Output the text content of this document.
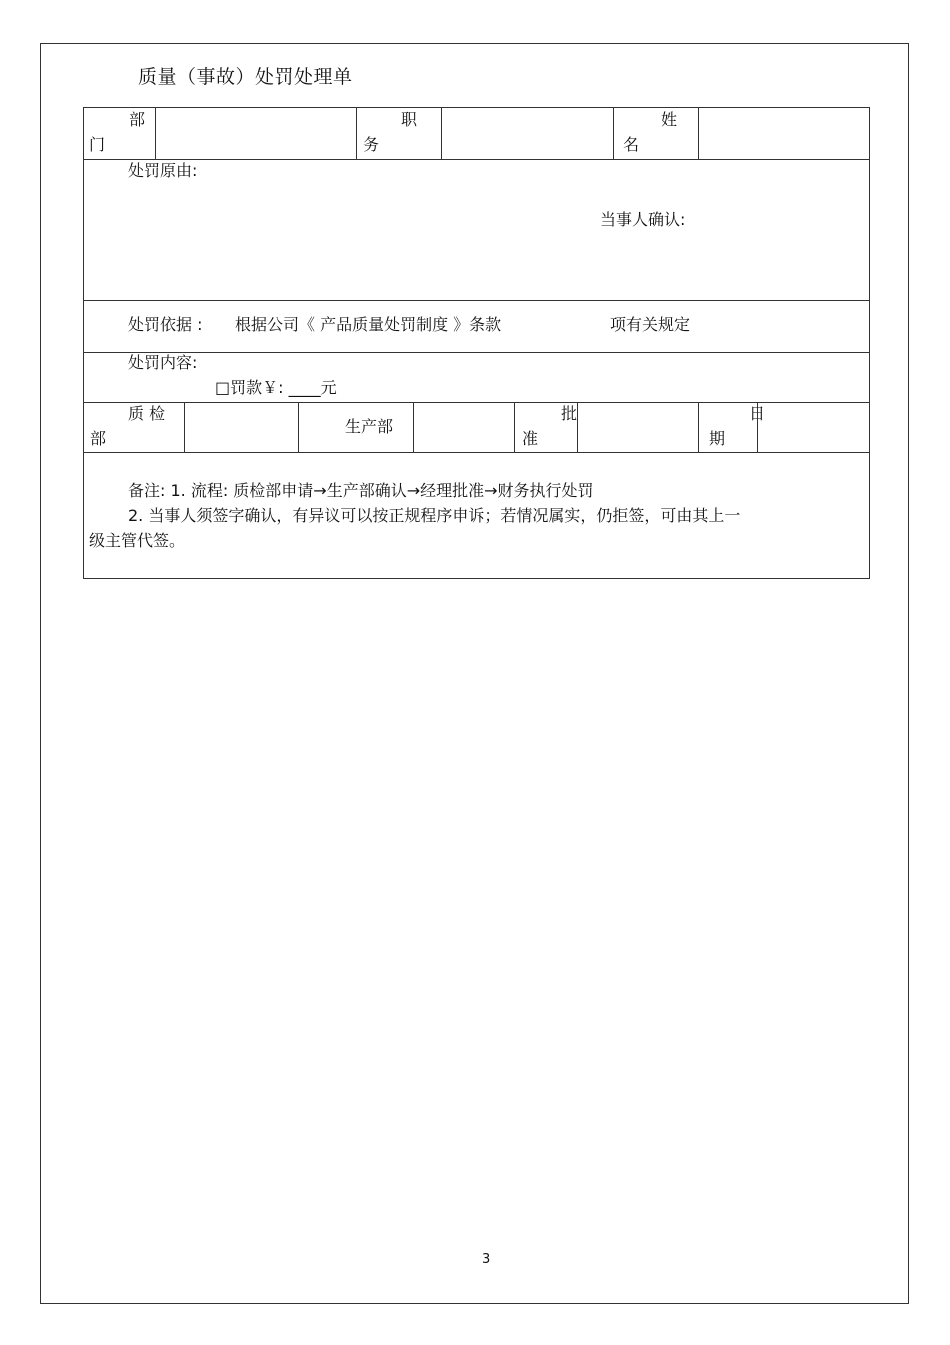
质量（事故）处罚处理单
部
门
职
务
姓
名
处罚原由:
当事人确认:
处罚依据 : 根据公司《 产品质量处罚制度 》条款	项有关规定
处罚内容:
□罚款￥: ____元
质 检
部
生产部
批
准
日
期
备注: 1. 流程: 质检部申请→生产部确认→经理批准→财务执行处罚
2. 当事人须签字确认，有异议可以按正规程序申诉；若情况属实，仍拒签，可由其上一
级主管代签。
3
